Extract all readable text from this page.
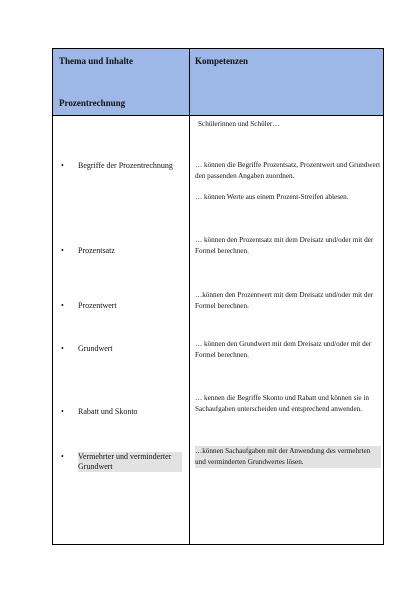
Thema und Inhalte
Prozentrechnung
Kompetenzen
Schülerinnen und Schüler…
• Begriffe der Prozentrechnung	… können die Begriffe Prozentsatz, Prozentwert und Grundwert den passenden Angaben zuordnen.
… können Werte aus einem Prozent-Streifen ablesen.
• Prozentsatz
… können den Prozentsatz mit dem Dreisatz und/oder mit der Formel berechnen.
• Prozentwert
…können den Prozentwert mit dem Dreisatz und/oder mit der Formel berechnen.
• Grundwert	… können den Grundwert mit dem Dreisatz und/oder mit der Formel berechnen.
• Rabatt und Skonto
… kennen die Begriffe Skonto und Rabatt und können sie in Sachaufgaben unterscheiden und entsprechend anwenden.
• Vermehrter und verminderter Grundwert
…können Sachaufgaben mit der Anwendung des vermehrten und verminderten Grundwertes lösen.
